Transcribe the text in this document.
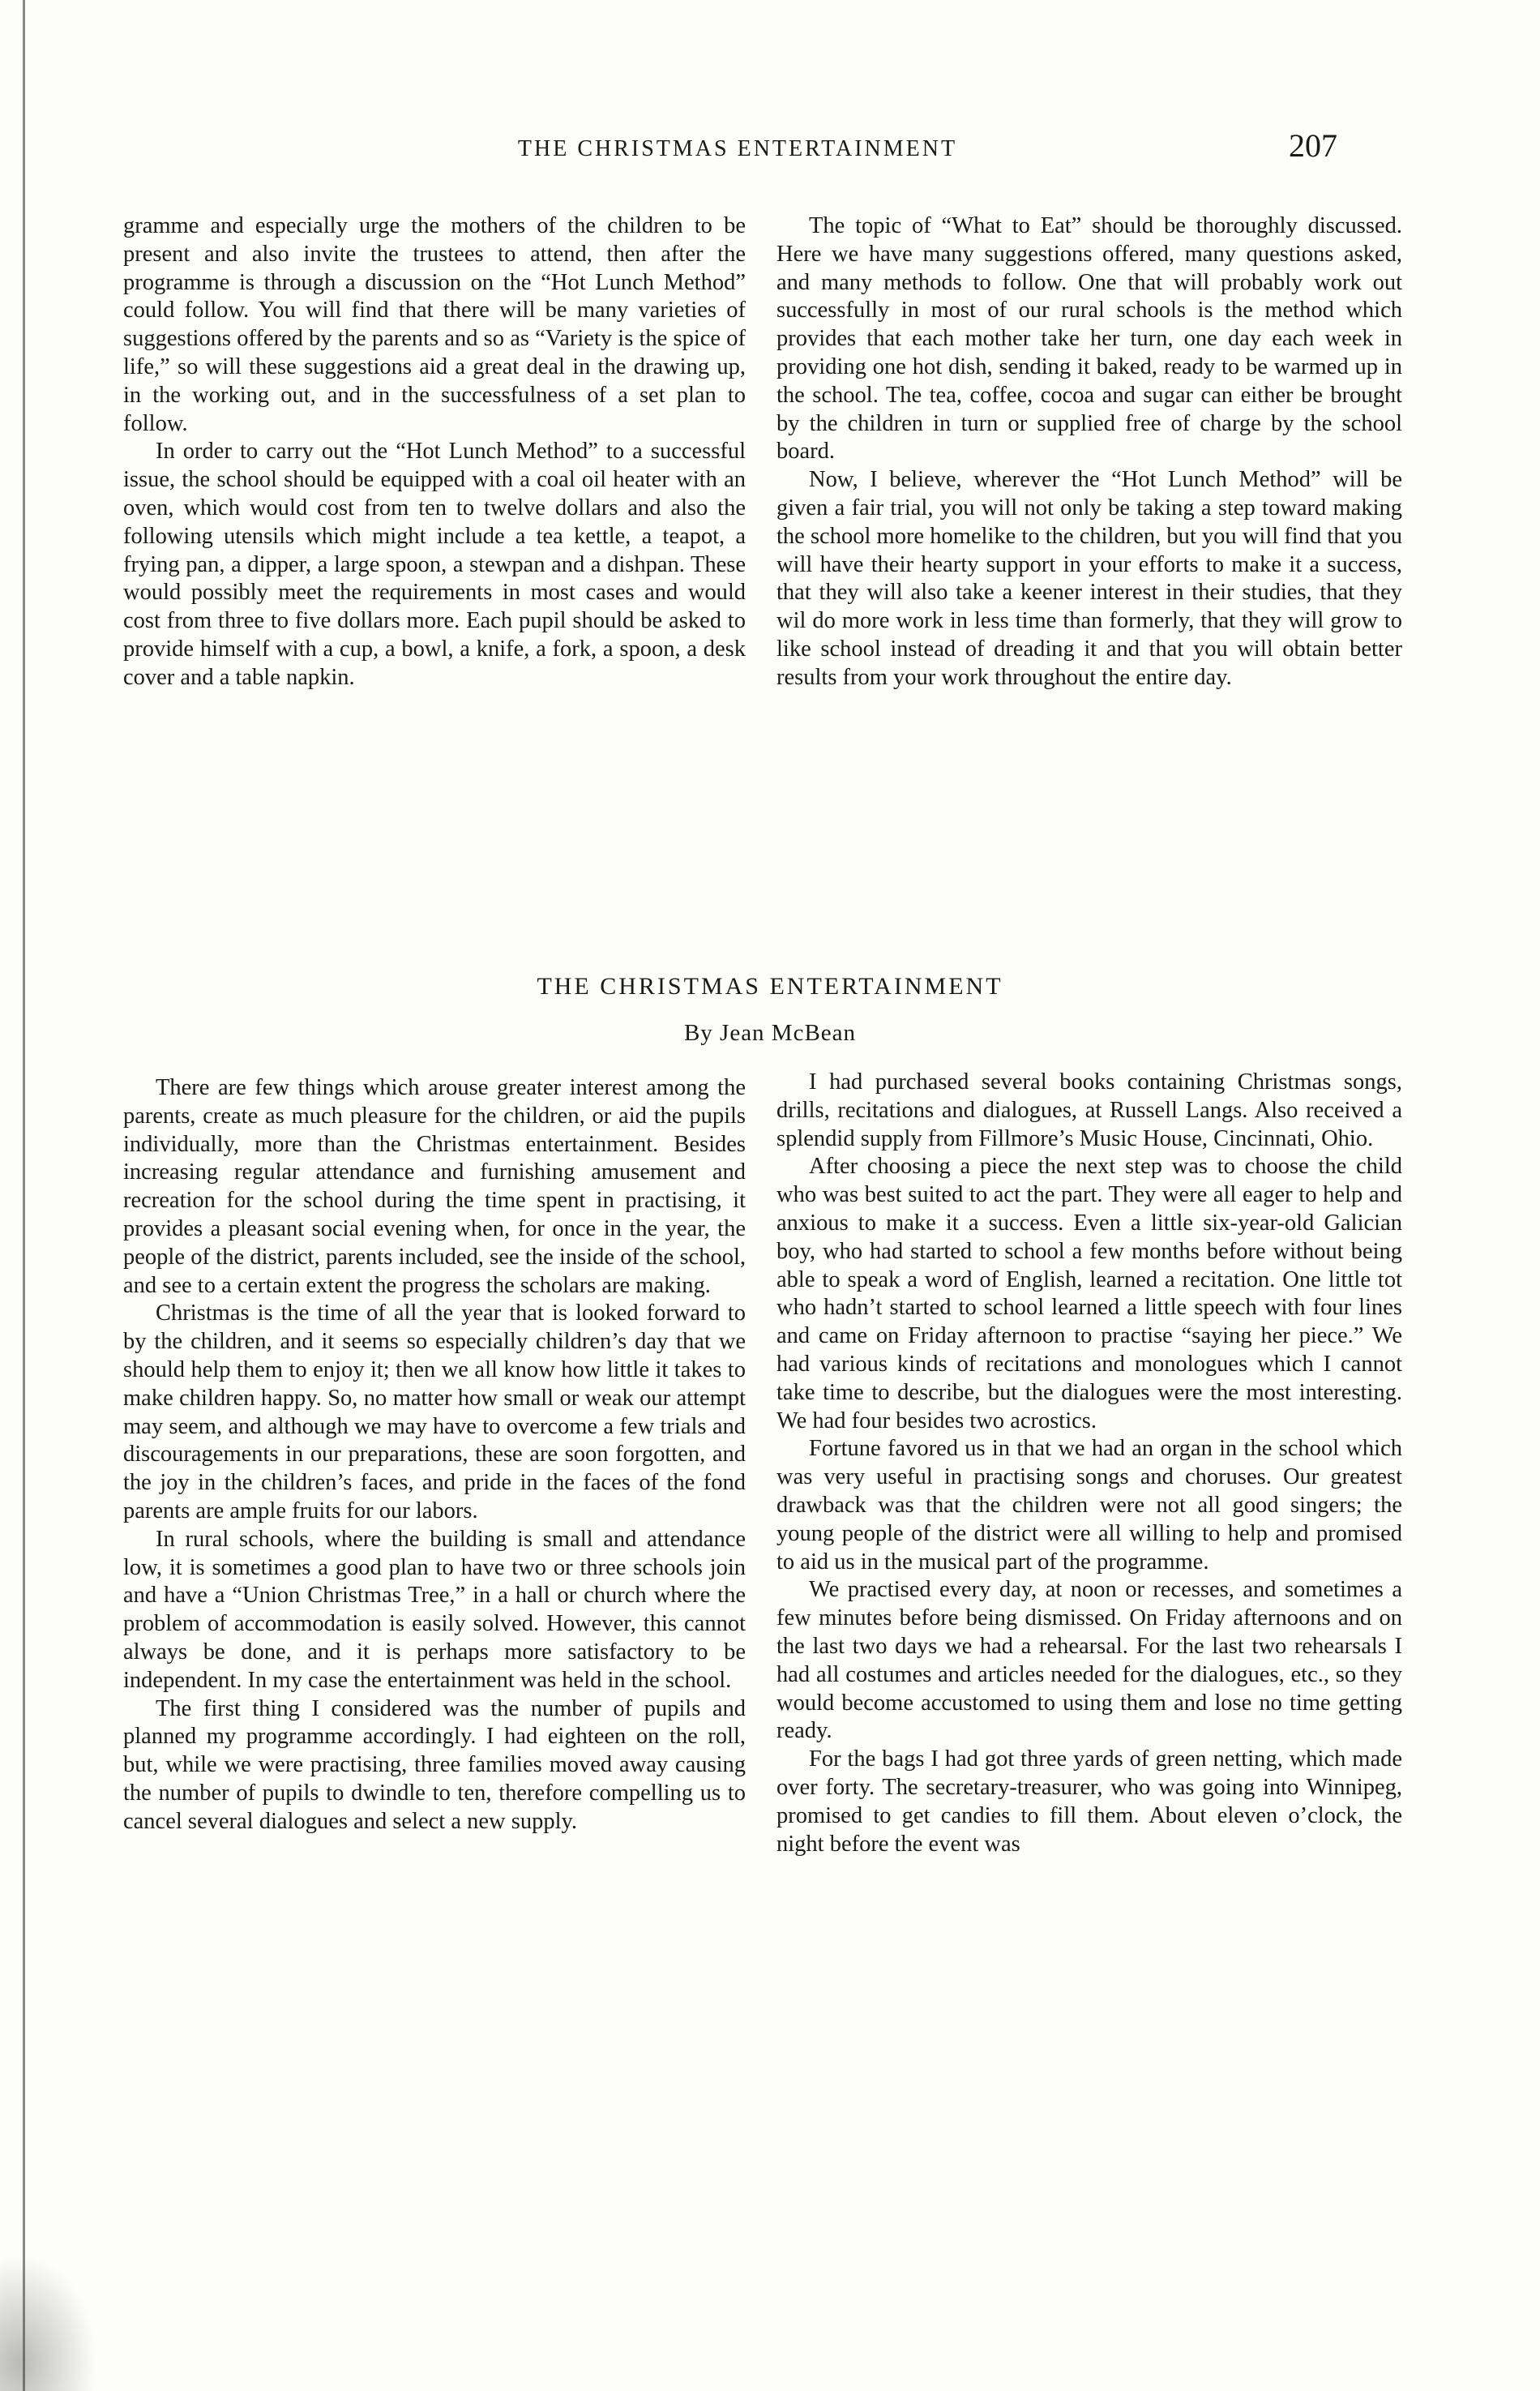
THE CHRISTMAS ENTERTAINMENT	207

gramme and especially urge the mothers of the children to be present and also invite the trustees to attend, then after the programme is through a discussion on the “Hot Lunch Method” could follow. You will find that there will be many varieties of suggestions offered by the parents and so as “Variety is the spice of life,” so will these suggestions aid a great deal in the drawing up, in the working out, and in the successfulness of a set plan to follow.

In order to carry out the “Hot Lunch Method” to a successful issue, the school should be equipped with a coal oil heater with an oven, which would cost from ten to twelve dollars and also the following utensils which might include a tea kettle, a teapot, a frying pan, a dipper, a large spoon, a stewpan and a dishpan. These would possibly meet the requirements in most cases and would cost from three to five dollars more. Each pupil should be asked to provide himself with a cup, a bowl, a knife, a fork, a spoon, a desk cover and a table napkin.

The topic of “What to Eat” should be thoroughly discussed. Here we have many suggestions offered, many questions asked, and many methods to follow. One that will probably work out successfully in most of our rural schools is the method which provides that each mother take her turn, one day each week in providing one hot dish, sending it baked, ready to be warmed up in the school. The tea, coffee, cocoa and sugar can either be brought by the children in turn or supplied free of charge by the school board.

Now, I believe, wherever the “Hot Lunch Method” will be given a fair trial, you will not only be taking a step toward making the school more homelike to the children, but you will find that you will have their hearty support in your efforts to make it a success, that they will also take a keener interest in their studies, that they wil do more work in less time than formerly, that they will grow to like school instead of dreading it and that you will obtain better results from your work throughout the entire day.

THE CHRISTMAS ENTERTAINMENT
By Jean McBean

There are few things which arouse greater interest among the parents, create as much pleasure for the children, or aid the pupils individually, more than the Christmas entertainment. Besides increasing regular attendance and furnishing amusement and recreation for the school during the time spent in practising, it provides a pleasant social evening when, for once in the year, the people of the district, parents included, see the inside of the school, and see to a certain extent the progress the scholars are making.

Christmas is the time of all the year that is looked forward to by the children, and it seems so especially children’s day that we should help them to enjoy it; then we all know how little it takes to make children happy. So, no matter how small or weak our attempt may seem, and although we may have to overcome a few trials and discouragements in our preparations, these are soon forgotten, and the joy in the children’s faces, and pride in the faces of the fond parents are ample fruits for our labors.

In rural schools, where the building is small and attendance low, it is sometimes a good plan to have two or three schools join and have a “Union Christmas Tree,” in a hall or church where the problem of accommodation is easily solved. However, this cannot always be done, and it is perhaps more satisfactory to be independent. In my case the entertainment was held in the school.

The first thing I considered was the number of pupils and planned my programme accordingly. I had eighteen on the roll, but, while we were practising, three families moved away causing the number of pupils to dwindle to ten, therefore compelling us to cancel several dialogues and select a new supply.

I had purchased several books containing Christmas songs, drills, recitations and dialogues, at Russell Langs. Also received a splendid supply from Fillmore’s Music House, Cincinnati, Ohio.

After choosing a piece the next step was to choose the child who was best suited to act the part. They were all eager to help and anxious to make it a success. Even a little six-year-old Galician boy, who had started to school a few months before without being able to speak a word of English, learned a recitation. One little tot who hadn’t started to school learned a little speech with four lines and came on Friday afternoon to practise “saying her piece.” We had various kinds of recitations and monologues which I cannot take time to describe, but the dialogues were the most interesting. We had four besides two acrostics.

Fortune favored us in that we had an organ in the school which was very useful in practising songs and choruses. Our greatest drawback was that the children were not all good singers; the young people of the district were all willing to help and promised to aid us in the musical part of the programme.

We practised every day, at noon or recesses, and sometimes a few minutes before being dismissed. On Friday afternoons and on the last two days we had a rehearsal. For the last two rehearsals I had all costumes and articles needed for the dialogues, etc., so they would become accustomed to using them and lose no time getting ready.

For the bags I had got three yards of green netting, which made over forty. The secretary-treasurer, who was going into Winnipeg, promised to get candies to fill them. About eleven o’clock, the night before the event was
